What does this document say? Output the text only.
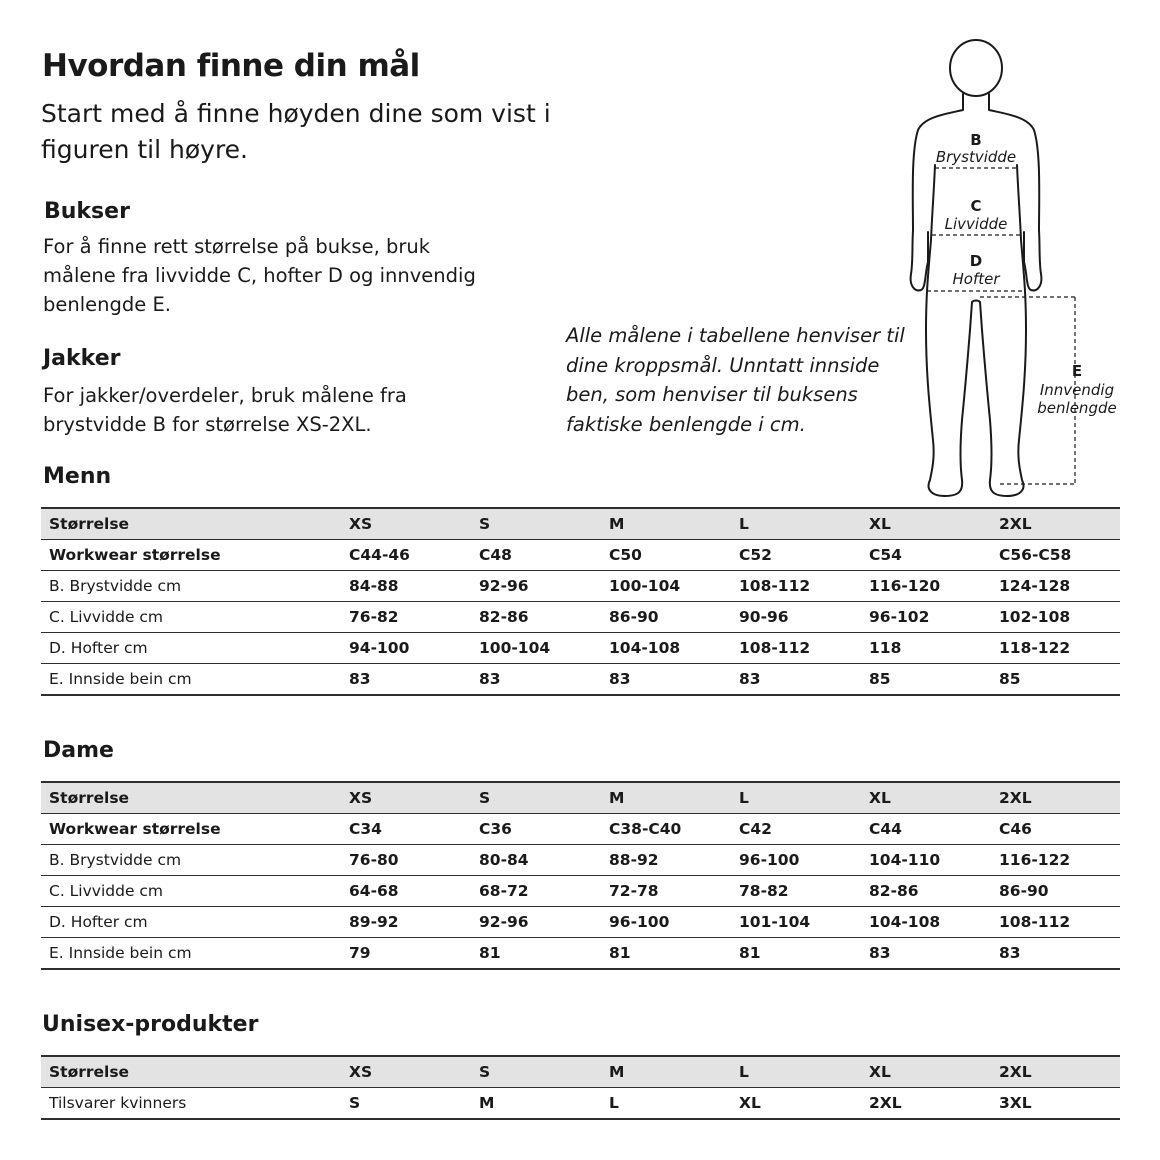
Hvordan finne din mål
Start med å finne høyden dine som vist i figuren til høyre.
Bukser
For å finne rett størrelse på bukse, bruk målene fra livvidde C, hofter D og innvendig benlengde E.
Jakker
For jakker/overdeler, bruk målene fra brystvidde B for størrelse XS-2XL.
Alle målene i tabellene henviser til dine kroppsmål. Unntatt innside ben, som henviser til buksens faktiske benlengde i cm.
B
Brystvidde
C
Livvidde
D
Hofter
E
Innvendig
benlengde
Menn
Størrelse	XS	S	M	L	XL	2XL
Workwear størrelse	C44-46	C48	C50	C52	C54	C56-C58
B. Brystvidde cm	84-88	92-96	100-104	108-112	116-120	124-128
C. Livvidde cm	76-82	82-86	86-90	90-96	96-102	102-108
D. Hofter cm	94-100	100-104	104-108	108-112	118	118-122
E. Innside bein cm	83	83	83	83	85	85
Dame
Størrelse	XS	S	M	L	XL	2XL
Workwear størrelse	C34	C36	C38-C40	C42	C44	C46
B. Brystvidde cm	76-80	80-84	88-92	96-100	104-110	116-122
C. Livvidde cm	64-68	68-72	72-78	78-82	82-86	86-90
D. Hofter cm	89-92	92-96	96-100	101-104	104-108	108-112
E. Innside bein cm	79	81	81	81	83	83
Unisex-produkter
Størrelse	XS	S	M	L	XL	2XL
Tilsvarer kvinners	S	M	L	XL	2XL	3XL
